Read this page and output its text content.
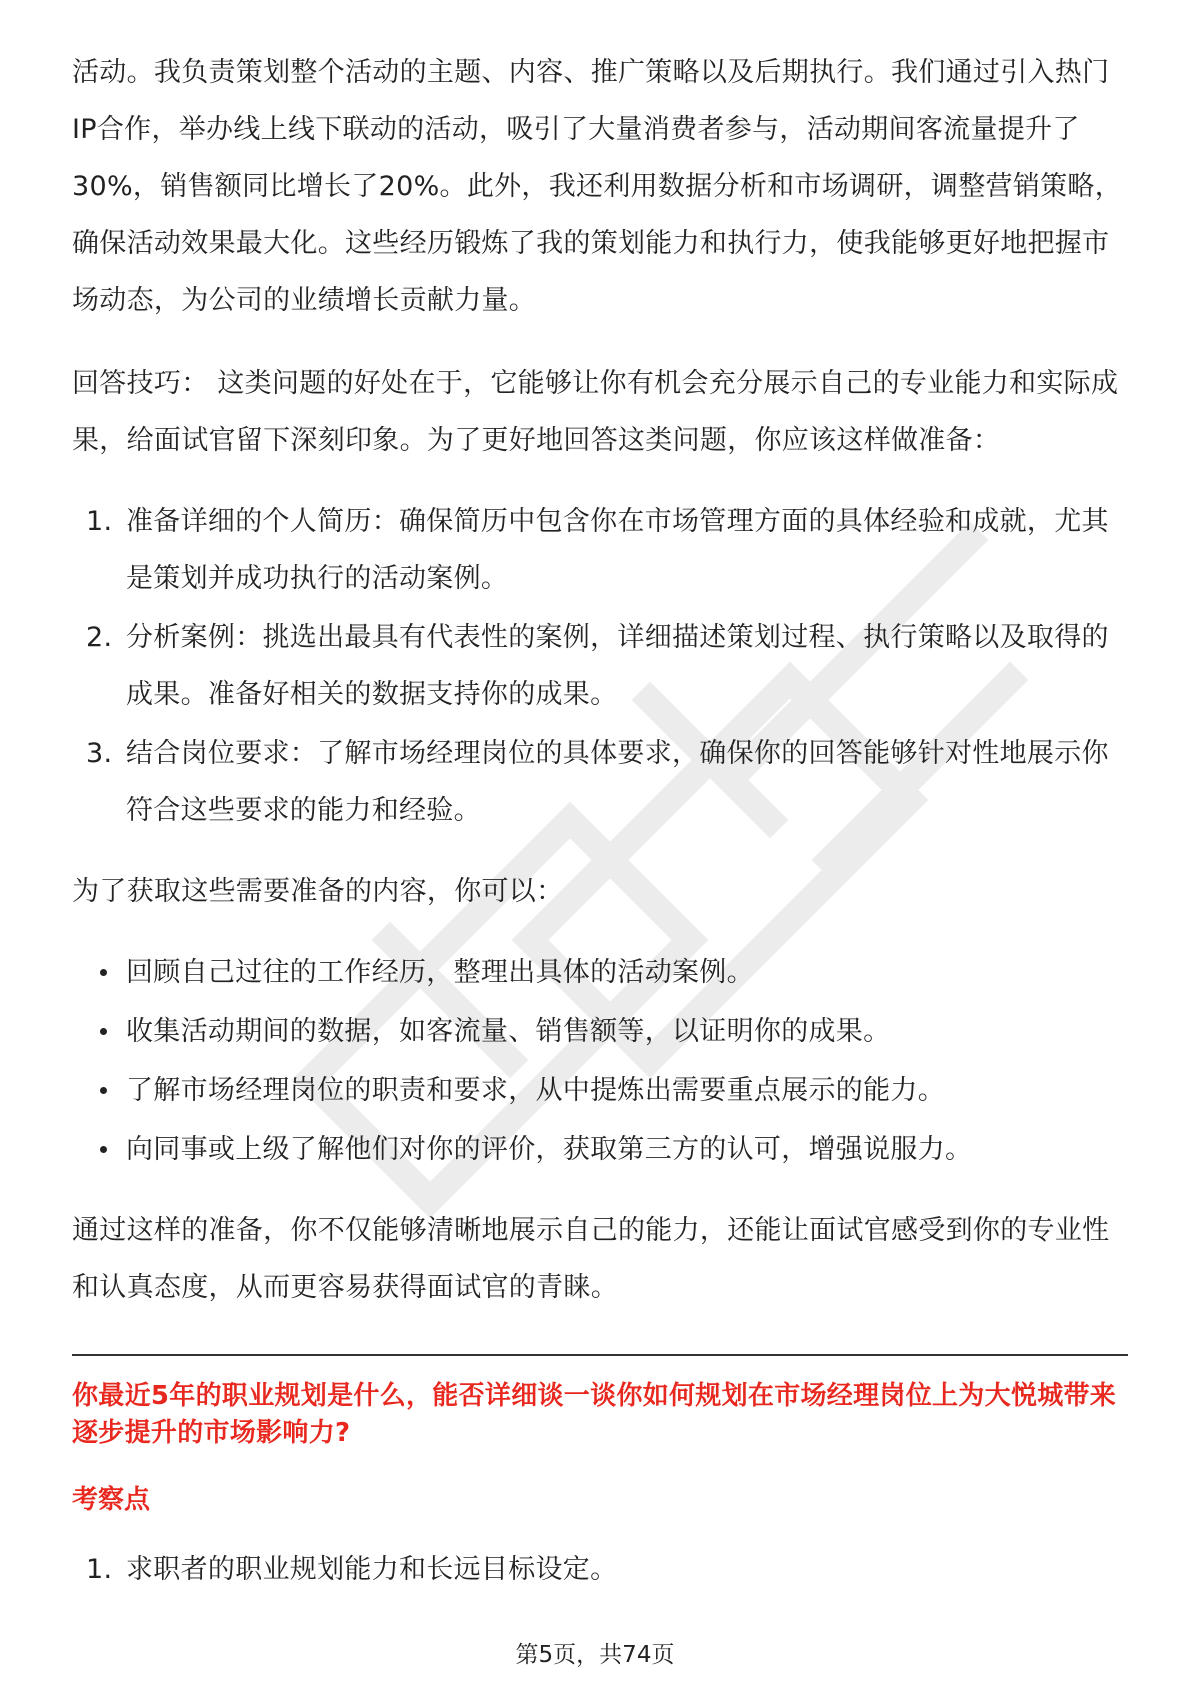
活动。我负责策划整个活动的主题、内容、推广策略以及后期执行。我们通过引入热门IP合作，举办线上线下联动的活动，吸引了大量消费者参与，活动期间客流量提升了30%，销售额同比增长了20%。此外，我还利用数据分析和市场调研，调整营销策略，确保活动效果最大化。这些经历锻炼了我的策划能力和执行力，使我能够更好地把握市场动态，为公司的业绩增长贡献力量。

回答技巧： 这类问题的好处在于，它能够让你有机会充分展示自己的专业能力和实际成果，给面试官留下深刻印象。为了更好地回答这类问题，你应该这样做准备：

1. 准备详细的个人简历：确保简历中包含你在市场管理方面的具体经验和成就，尤其是策划并成功执行的活动案例。
2. 分析案例：挑选出最具有代表性的案例，详细描述策划过程、执行策略以及取得的成果。准备好相关的数据支持你的成果。
3. 结合岗位要求：了解市场经理岗位的具体要求，确保你的回答能够针对性地展示你符合这些要求的能力和经验。

为了获取这些需要准备的内容，你可以：

回顾自己过往的工作经历，整理出具体的活动案例。
收集活动期间的数据，如客流量、销售额等，以证明你的成果。
了解市场经理岗位的职责和要求，从中提炼出需要重点展示的能力。
向同事或上级了解他们对你的评价，获取第三方的认可，增强说服力。

通过这样的准备，你不仅能够清晰地展示自己的能力，还能让面试官感受到你的专业性和认真态度，从而更容易获得面试官的青睐。

你最近5年的职业规划是什么，能否详细谈一谈你如何规划在市场经理岗位上为大悦城带来逐步提升的市场影响力?

考察点

1. 求职者的职业规划能力和长远目标设定。
第5页，共74页
